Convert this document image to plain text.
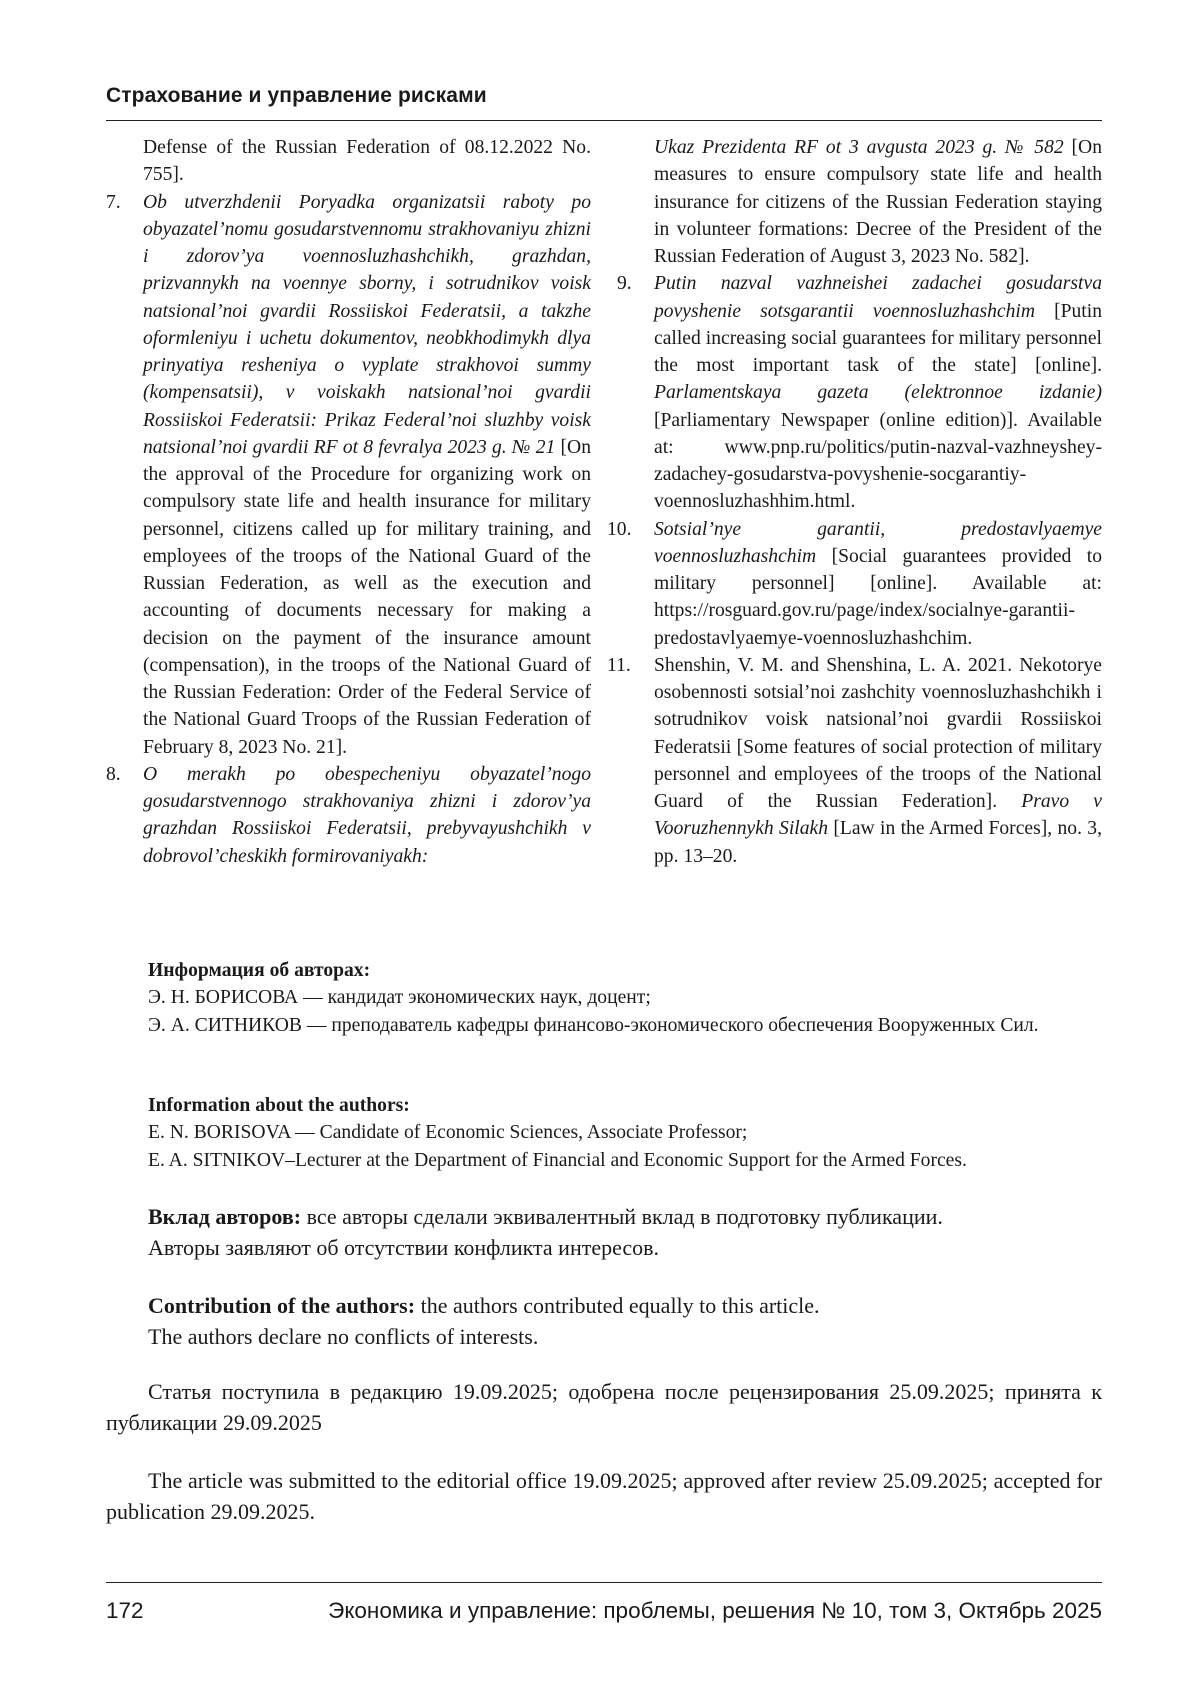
Страхование и управление рисками
Defense of the Russian Federation of 08.12.2022 No. 755].
7.	Ob utverzhdenii Poryadka organizatsii raboty po obyazatel’nomu gosudarstvennomu strakhovaniyu zhizni i zdorov’ya voennosluzhashchikh, grazhdan, prizvannykh na voennye sborny, i sotrudnikov voisk natsional’noi gvardii Rossiiskoi Federatsii, a takzhe oformleniyu i uchetu dokumentov, neobkhodimykh dlya prinyatiya resheniya o vyplate strakhovoi summy (kompensatsii), v voiskakh natsional’noi gvardii Rossiiskoi Federatsii: Prikaz Federal’noi sluzhby voisk natsional’noi gvardii RF ot 8 fevralya 2023 g. № 21 [On the approval of the Procedure for organizing work on compulsory state life and health insurance for military personnel, citizens called up for military training, and employees of the troops of the National Guard of the Russian Federation, as well as the execution and accounting of documents necessary for making a decision on the payment of the insurance amount (compensation), in the troops of the National Guard of the Russian Federation: Order of the Federal Service of the National Guard Troops of the Russian Federation of February 8, 2023 No. 21].
8.	O merakh po obespecheniyu obyazatel’nogo gosudarstvennogo strakhovaniya zhizni i zdorov’ya grazhdan Rossiiskoi Federatsii, prebyvayushchikh v dobrovol’cheskikh formirovaniyakh:
Ukaz Prezidenta RF ot 3 avgusta 2023 g. № 582 [On measures to ensure compulsory state life and health insurance for citizens of the Russian Federation staying in volunteer formations: Decree of the President of the Russian Federation of August 3, 2023 No. 582].
9.	Putin nazval vazhneishei zadachei gosudarstva povyshenie sotsgarantii voennosluzhashchim [Putin called increasing social guarantees for military personnel the most important task of the state] [online]. Parlamentskaya gazeta (elektronnoe izdanie) [Parliamentary Newspaper (online edition)]. Available at: www.pnp.ru/politics/putin-nazval-vazhneyshey-zadachey-gosudarstva-povyshenie-socgarantiy-voennosluzhashhim.html.
10. Sotsial’nye garantii, predostavlyaemye voennosluzhashchim [Social guarantees provided to military personnel] [online]. Available at: https://rosguard.gov.ru/page/index/socialnye-garantii-predostavlyaemye-voennosluzhashchim.
11.	Shenshin, V. M. and Shenshina, L. A. 2021. Nekotorye osobennosti sotsial’noi zashchity voennosluzhashchikh i sotrudnikov voisk natsional’noi gvardii Rossiiskoi Federatsii [Some features of social protection of military personnel and employees of the troops of the National Guard of the Russian Federation]. Pravo v Vooruzhennykh Silakh [Law in the Armed Forces], no. 3, pp. 13–20.
Информация об авторах:
Э. Н. БОРИСОВА — кандидат экономических наук, доцент;
Э. А. СИТНИКОВ — преподаватель кафедры финансово-экономического обеспечения Вооруженных Сил.
Information about the authors:
E. N. BORISOVA — Candidate of Economic Sciences, Associate Professor;
E. A. SITNIKOV–Lecturer at the Department of Financial and Economic Support for the Armed Forces.
Вклад авторов: все авторы сделали эквивалентный вклад в подготовку публикации.
Авторы заявляют об отсутствии конфликта интересов.
Contribution of the authors: the authors contributed equally to this article.
The authors declare no conflicts of interests.
Статья поступила в редакцию 19.09.2025; одобрена после рецензирования 25.09.2025; принята к публикации 29.09.2025
The article was submitted to the editorial office 19.09.2025; approved after review 25.09.2025; accepted for publication 29.09.2025.
172	Экономика и управление: проблемы, решения № 10, том 3, Октябрь 2025
